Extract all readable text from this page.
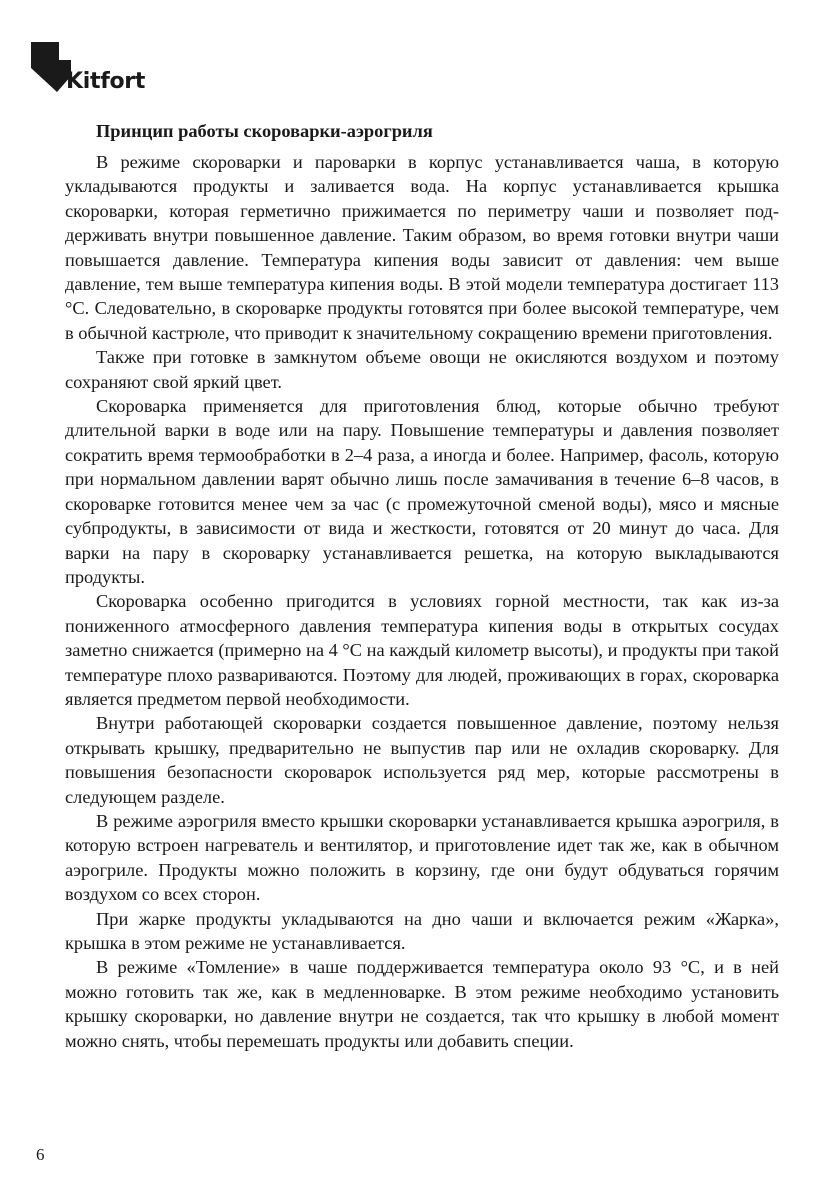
Kitfort
Принцип работы скороварки-аэрогриля

В режиме скороварки и пароварки в корпус устанавливается чаша, в которую укладываются продукты и заливается вода. На корпус устанавливается крышка скороварки, которая герметично прижимается по периметру чаши и позволяет поддерживать внутри повышенное давление. Таким образом, во время готовки внутри чаши повышается давление. Температура кипения воды зависит от давления: чем выше давление, тем выше температура кипения воды. В этой модели температура достигает 113 °С. Следовательно, в скороварке продукты готовятся при более высокой температуре, чем в обычной кастрюле, что приводит к значительному сокращению времени приготовления.

Также при готовке в замкнутом объеме овощи не окисляются воздухом и поэтому сохраняют свой яркий цвет.

Скороварка применяется для приготовления блюд, которые обычно требуют длительной варки в воде или на пару. Повышение температуры и давления позволяет сократить время термообработки в 2–4 раза, а иногда и более. Например, фасоль, которую при нормальном давлении варят обычно лишь после замачивания в течение 6–8 часов, в скороварке готовится менее чем за час (с промежуточной сменой воды), мясо и мясные субпродукты, в зависимости от вида и жесткости, готовятся от 20 минут до часа. Для варки на пару в скороварку устанавливается решетка, на которую выкладываются продукты.

Скороварка особенно пригодится в условиях горной местности, так как из-за пониженного атмосферного давления температура кипения воды в открытых сосудах заметно снижается (примерно на 4 °С на каждый километр высоты), и продукты при такой температуре плохо развариваются. Поэтому для людей, проживающих в горах, скороварка является предметом первой необходимости.

Внутри работающей скороварки создается повышенное давление, поэтому нельзя открывать крышку, предварительно не выпустив пар или не охладив скороварку. Для повышения безопасности скороварок используется ряд мер, которые рассмотрены в следующем разделе.

В режиме аэрогриля вместо крышки скороварки устанавливается крышка аэрогриля, в которую встроен нагреватель и вентилятор, и приготовление идет так же, как в обычном аэрогриле. Продукты можно положить в корзину, где они будут обдуваться горячим воздухом со всех сторон.

При жарке продукты укладываются на дно чаши и включается режим «Жарка», крышка в этом режиме не устанавливается.

В режиме «Томление» в чаше поддерживается температура около 93 °С, и в ней можно готовить так же, как в медленноварке. В этом режиме необходимо установить крышку скороварки, но давление внутри не создается, так что крышку в любой момент можно снять, чтобы перемешать продукты или добавить специи.

6
